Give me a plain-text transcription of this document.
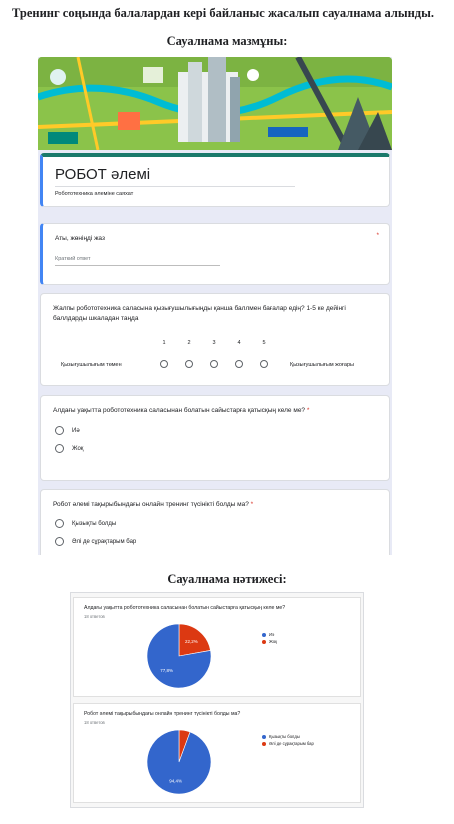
Тренинг соңында балалардан кері байланыс жасалып сауалнама алынды.
Сауалнама мазмұны:
РОБОТ әлемі
Робототехника әлеміне саяхат
Аты, жөніңді жаз	*
Краткий ответ
Жалпы робототехника саласына қызығушылығыңды қанша баллмен бағалар едің? 1-5 ке дейінгі баллдарды шкаладан таңда
1	2	3	4	5
Қызығушылығым төмен	Қызығушылығым жоғары
Алдағы уақытта робототехника саласынан болатын сайыстарға қатысқың келе ме? *
Иә
Жоқ
Робот әлемі тақырыбындағы онлайн тренинг түсінікті болды ма? *
Қызықты болды
Әлі де сұрақтарым бар
Сауалнама нәтижесі:
Алдағы уақытта робототехника саласынан болатын сайыстарға қатысқың келе ме?
18 ответов
22,2%
77,8%
Иә
Жоқ
Робот әлемі тақырыбындағы онлайн тренинг түсінікті болды ма?
18 ответов
94,4%
Қызықты болды
Әлі де сұрақтарым бар
